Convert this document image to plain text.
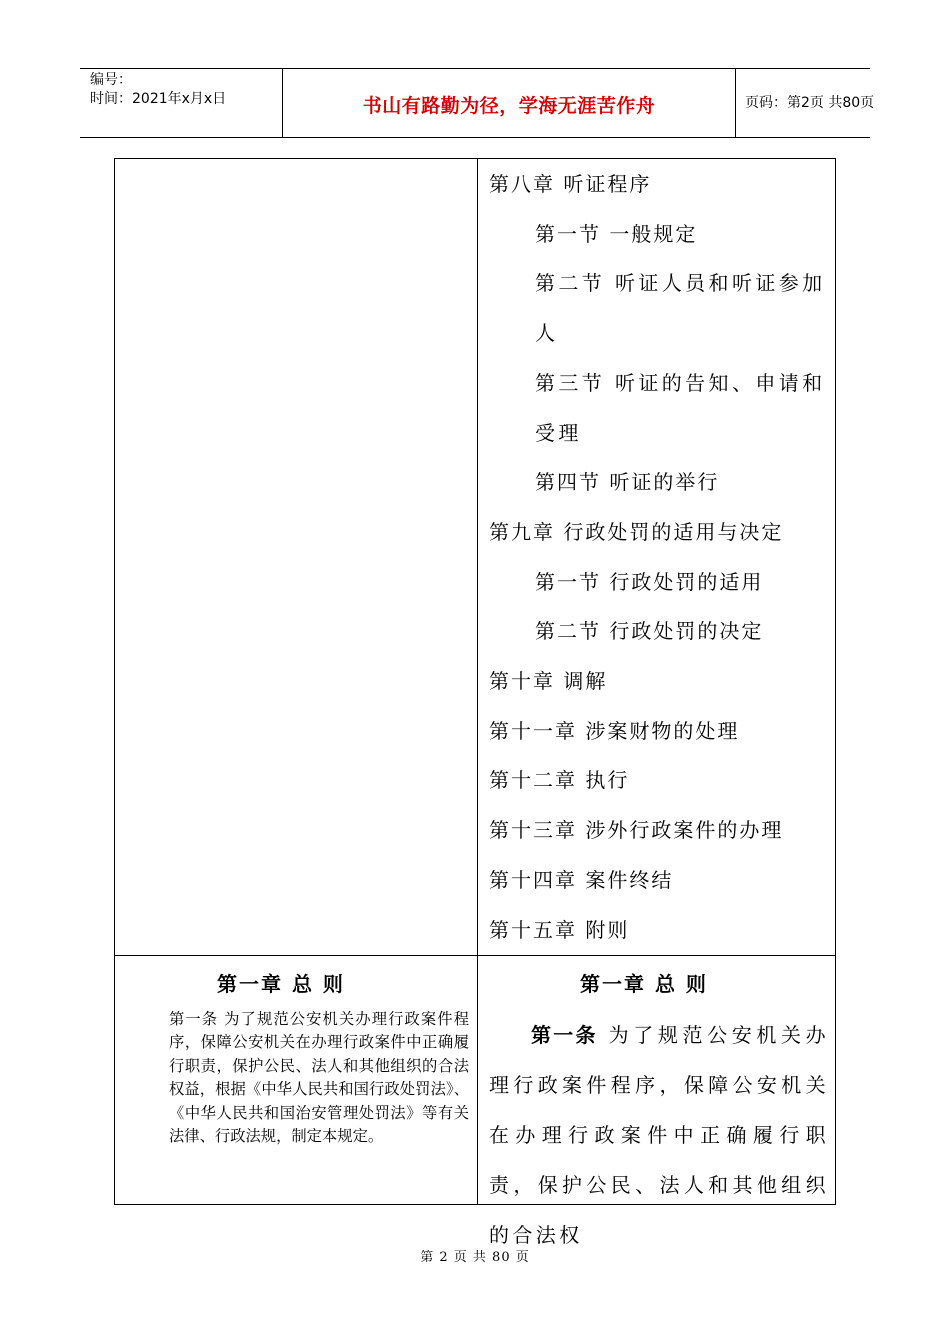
编号：
时间：2021年x月x日	书山有路勤为径，学海无涯苦作舟	页码：第2页 共80页
第八章 听证程序
第一节 一般规定
第二节 听证人员和听证参加人
第三节 听证的告知、申请和受理
第四节 听证的举行
第九章 行政处罚的适用与决定
第一节 行政处罚的适用
第二节 行政处罚的决定
第十章 调解
第十一章 涉案财物的处理
第十二章 执行
第十三章 涉外行政案件的办理
第十四章 案件终结
第十五章 附则
第一章 总 则
第一条 为了规范公安机关办理行政案件程序，保障公安机关在办理行政案件中正确履行职责，保护公民、法人和其他组织的合法权益，根据《中华人民共和国行政处罚法》、《中华人民共和国治安管理处罚法》等有关法律、行政法规，制定本规定。
第一章 总 则
第一条 为了规范公安机关办理行政案件程序，保障公安机关在办理行政案件中正确履行职责，保护公民、法人和其他组织的合法权
第 2 页 共 80 页
